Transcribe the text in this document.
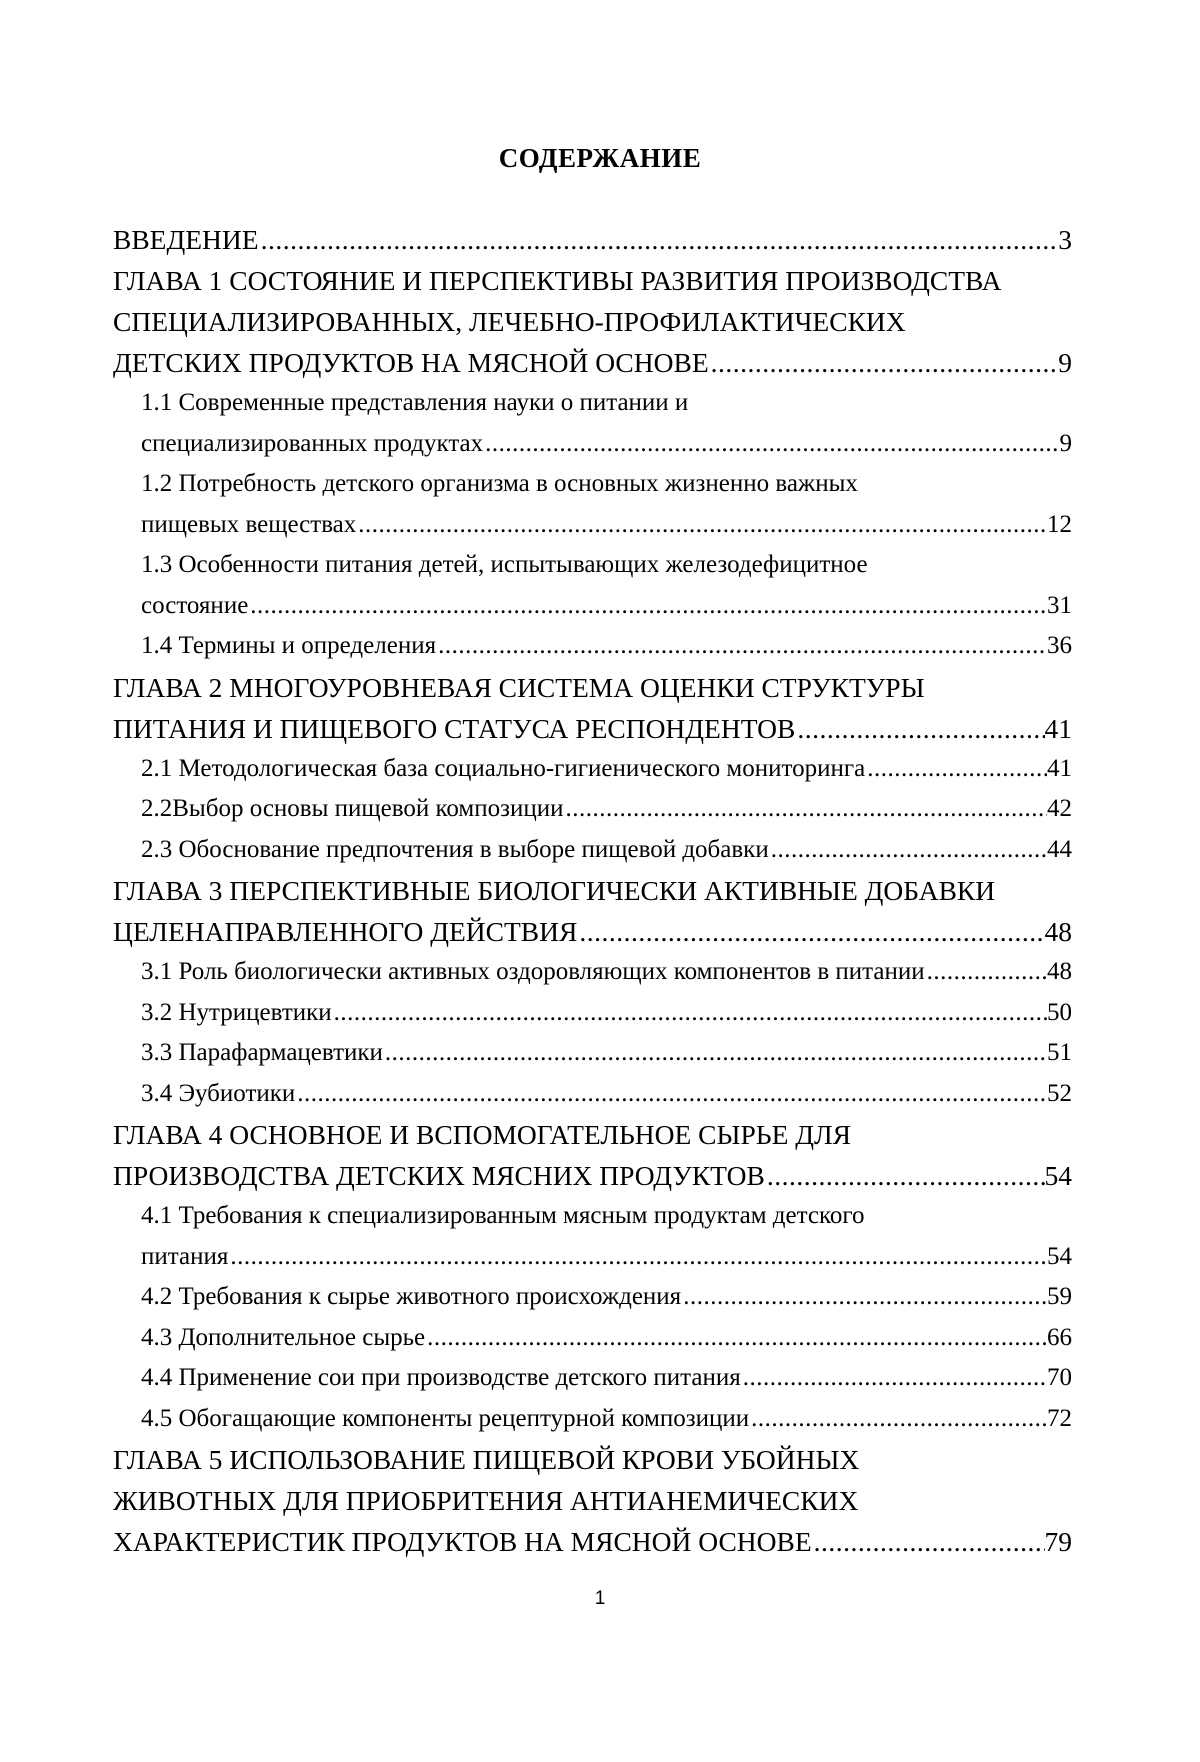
СОДЕРЖАНИЕ
ВВЕДЕНИЕ .....	3
ГЛАВА 1 СОСТОЯНИЕ И ПЕРСПЕКТИВЫ РАЗВИТИЯ ПРОИЗВОДСТВА
СПЕЦИАЛИЗИРОВАННЫХ, ЛЕЧЕБНО-ПРОФИЛАКТИЧЕСКИХ
ДЕТСКИХ ПРОДУКТОВ НА МЯСНОЙ ОСНОВЕ .....	9
1.1 Современные представления науки о питании и
специализированных продуктах .....	9
1.2 Потребность детского организма в основных жизненно важных
пищевых веществах .....	12
1.3 Особенности питания детей, испытывающих железодефицитное
состояние .....	31
1.4 Термины и определения .....	36
ГЛАВА 2 МНОГОУРОВНЕВАЯ СИСТЕМА ОЦЕНКИ СТРУКТУРЫ
ПИТАНИЯ И ПИЩЕВОГО СТАТУСА РЕСПОНДЕНТОВ .....	41
2.1 Методологическая база социально-гигиенического мониторинга .....	41
2.2Выбор основы пищевой композиции .....	42
2.3 Обоснование предпочтения в выборе пищевой добавки .....	44
ГЛАВА 3 ПЕРСПЕКТИВНЫЕ БИОЛОГИЧЕСКИ АКТИВНЫЕ ДОБАВКИ
ЦЕЛЕНАПРАВЛЕННОГО ДЕЙСТВИЯ .....	48
3.1 Роль биологически активных оздоровляющих компонентов в питании .....	48
3.2 Нутрицевтики .....	50
3.3 Парафармацевтики .....	51
3.4 Эубиотики .....	52
ГЛАВА 4 ОСНОВНОЕ И ВСПОМОГАТЕЛЬНОЕ СЫРЬЕ ДЛЯ
ПРОИЗВОДСТВА ДЕТСКИХ МЯСНИХ ПРОДУКТОВ .....	54
4.1 Требования к специализированным мясным продуктам детского
питания .....	54
4.2 Требования к сырье животного происхождения .....	59
4.3 Дополнительное сырье .....	66
4.4 Применение сои при производстве детского питания .....	70
4.5 Обогащающие компоненты рецептурной композиции .....	72
ГЛАВА 5 ИСПОЛЬЗОВАНИЕ ПИЩЕВОЙ КРОВИ УБОЙНЫХ
ЖИВОТНЫХ ДЛЯ ПРИОБРИТЕНИЯ АНТИАНЕМИЧЕСКИХ
ХАРАКТЕРИСТИК ПРОДУКТОВ НА МЯСНОЙ ОСНОВЕ .....	79
1
